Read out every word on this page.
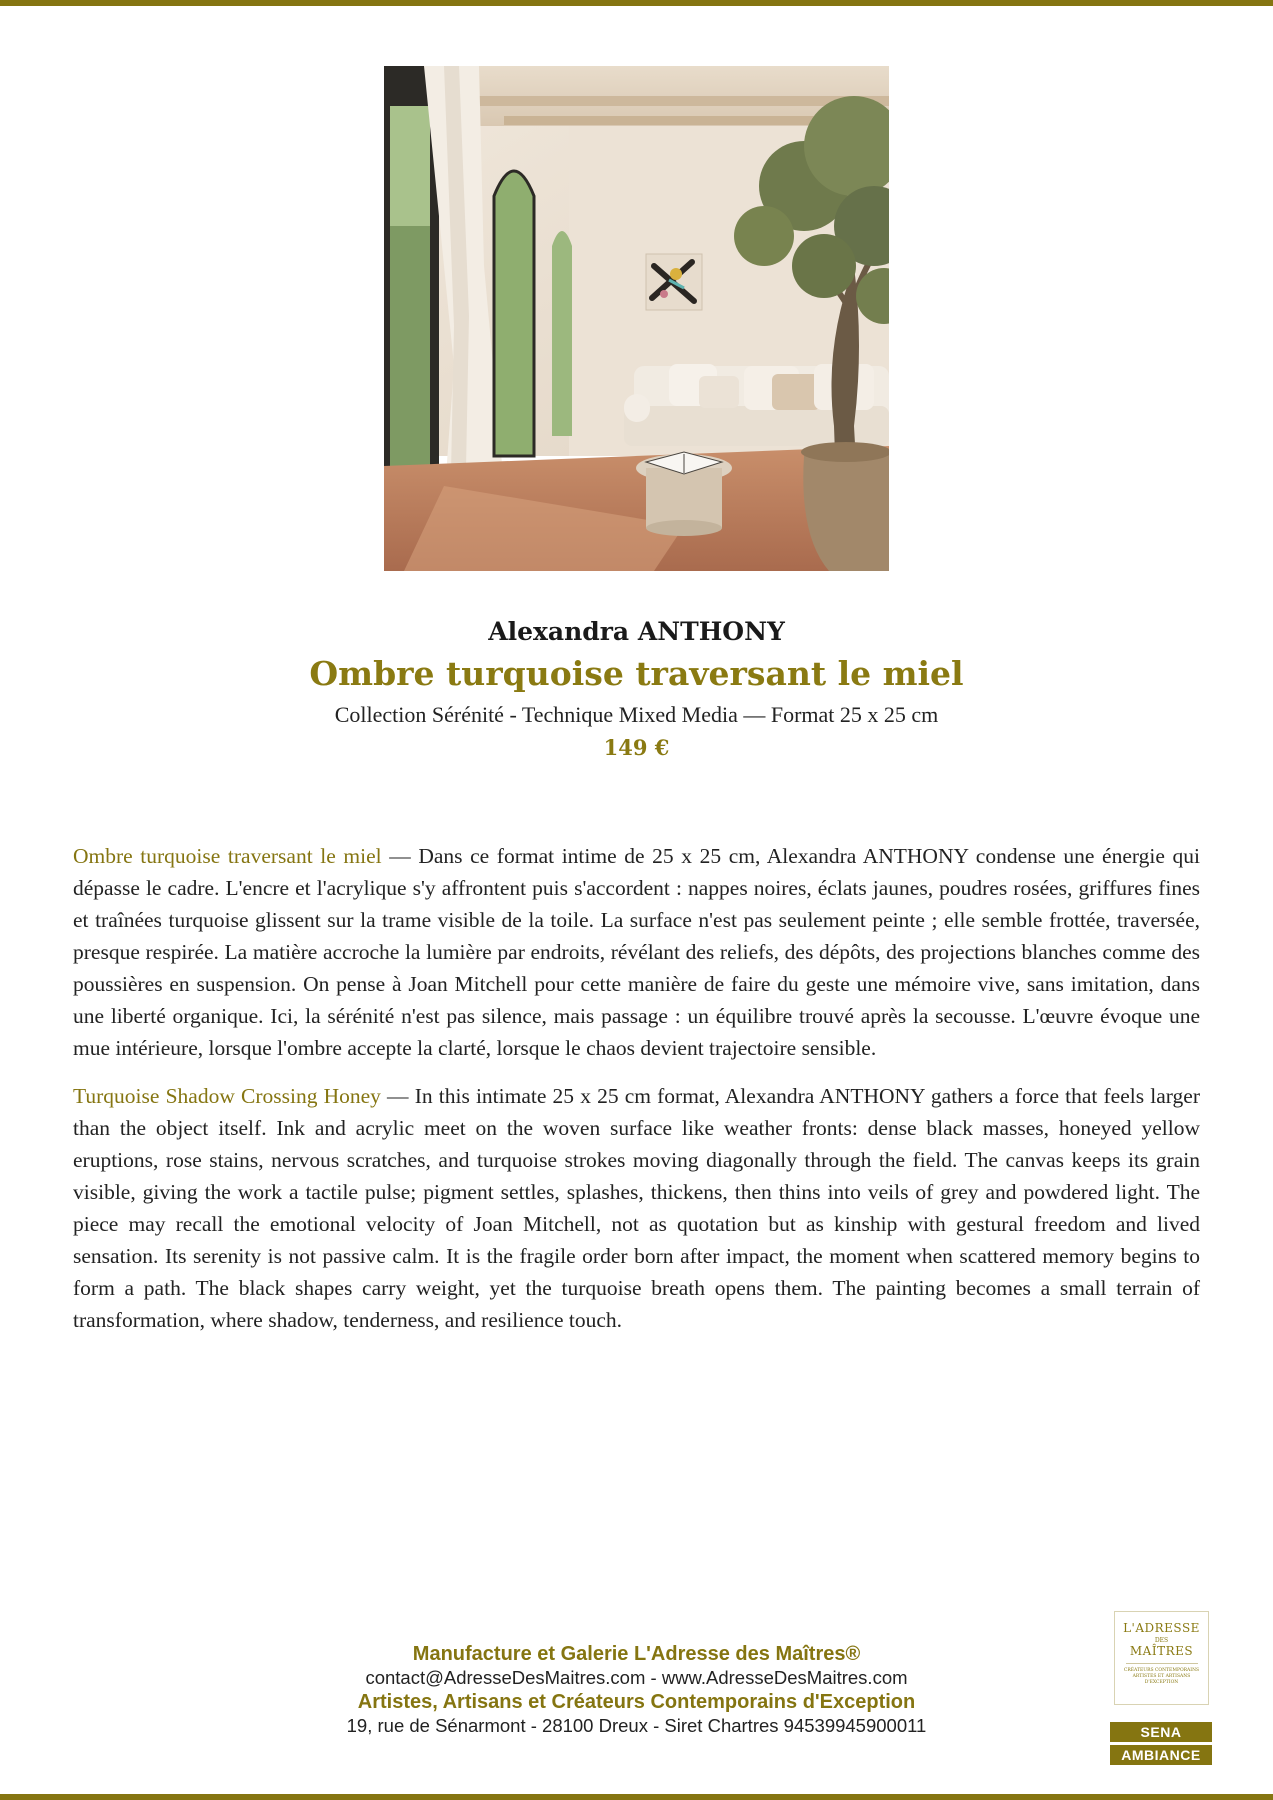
Alexandra ANTHONY
Ombre turquoise traversant le miel
Collection Sérénité - Technique Mixed Media — Format 25 x 25 cm
149 €

Ombre turquoise traversant le miel — Dans ce format intime de 25 x 25 cm, Alexandra ANTHONY condense une énergie qui dépasse le cadre. L'encre et l'acrylique s'y affrontent puis s'accordent : nappes noires, éclats jaunes, poudres rosées, griffures fines et traînées turquoise glissent sur la trame visible de la toile. La surface n'est pas seulement peinte ; elle semble frottée, traversée, presque respirée. La matière accroche la lumière par endroits, révélant des reliefs, des dépôts, des projections blanches comme des poussières en suspension. On pense à Joan Mitchell pour cette manière de faire du geste une mémoire vive, sans imitation, dans une liberté organique. Ici, la sérénité n'est pas silence, mais passage : un équilibre trouvé après la secousse. L'œuvre évoque une mue intérieure, lorsque l'ombre accepte la clarté, lorsque le chaos devient trajectoire sensible.

Turquoise Shadow Crossing Honey — In this intimate 25 x 25 cm format, Alexandra ANTHONY gathers a force that feels larger than the object itself. Ink and acrylic meet on the woven surface like weather fronts: dense black masses, honeyed yellow eruptions, rose stains, nervous scratches, and turquoise strokes moving diagonally through the field. The canvas keeps its grain visible, giving the work a tactile pulse; pigment settles, splashes, thickens, then thins into veils of grey and powdered light. The piece may recall the emotional velocity of Joan Mitchell, not as quotation but as kinship with gestural freedom and lived sensation. Its serenity is not passive calm. It is the fragile order born after impact, the moment when scattered memory begins to form a path. The black shapes carry weight, yet the turquoise breath opens them. The painting becomes a small terrain of transformation, where shadow, tenderness, and resilience touch.

Manufacture et Galerie L'Adresse des Maîtres®
contact@AdresseDesMaitres.com - www.AdresseDesMaitres.com
Artistes, Artisans et Créateurs Contemporains d'Exception
19, rue de Sénarmont - 28100 Dreux - Siret Chartres 94539945900011
L'ADRESSE
DES
MAÎTRES
CRÉATEURS CONTEMPORAINS ARTISTES ET ARTISANS D'EXCEPTION
SENA
AMBIANCE
